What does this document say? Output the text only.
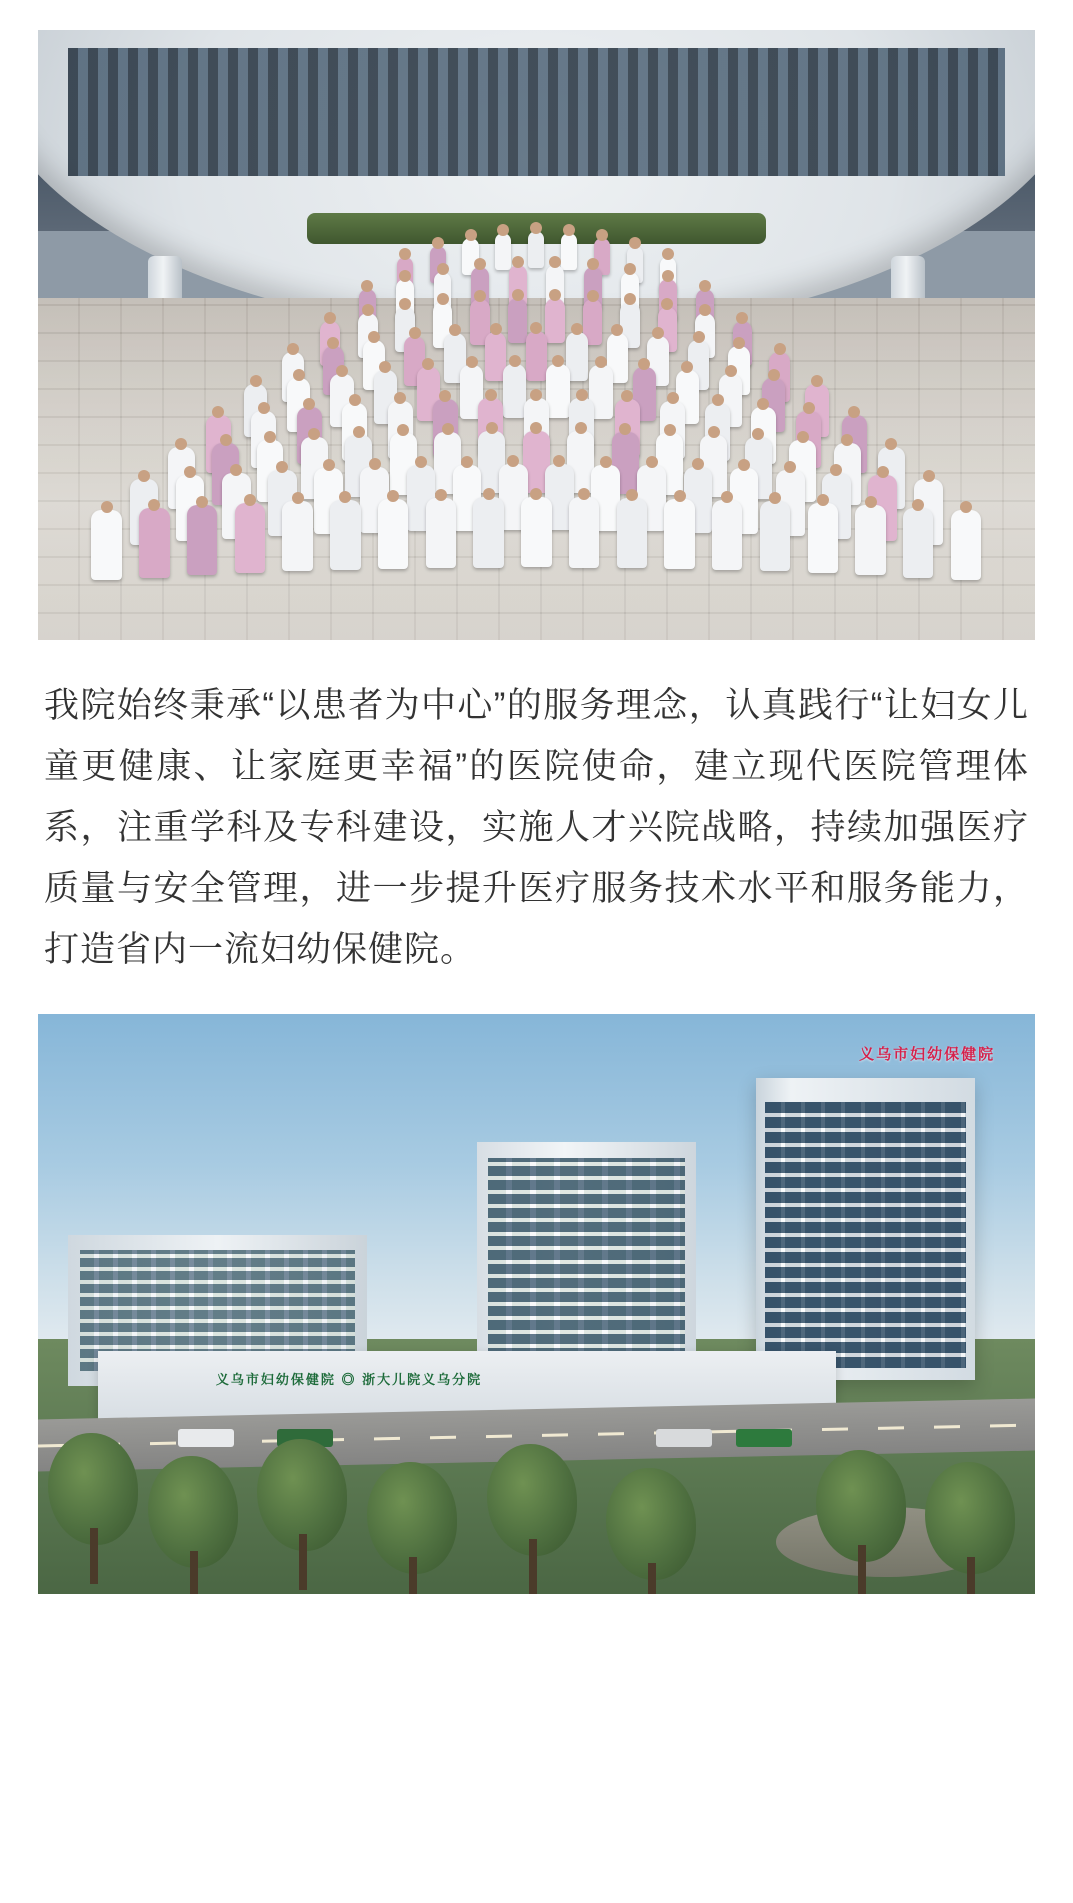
我院始终秉承“以患者为中心”的服务理念，认真践行“让妇女儿童更健康、让家庭更幸福”的医院使命，建立现代医院管理体系，注重学科及专科建设，实施人才兴院战略，持续加强医疗质量与安全管理，进一步提升医疗服务技术水平和服务能力，打造省内一流妇幼保健院。

义乌市妇幼保健院
义乌市妇幼保健院 ◎ 浙大儿院义乌分院
